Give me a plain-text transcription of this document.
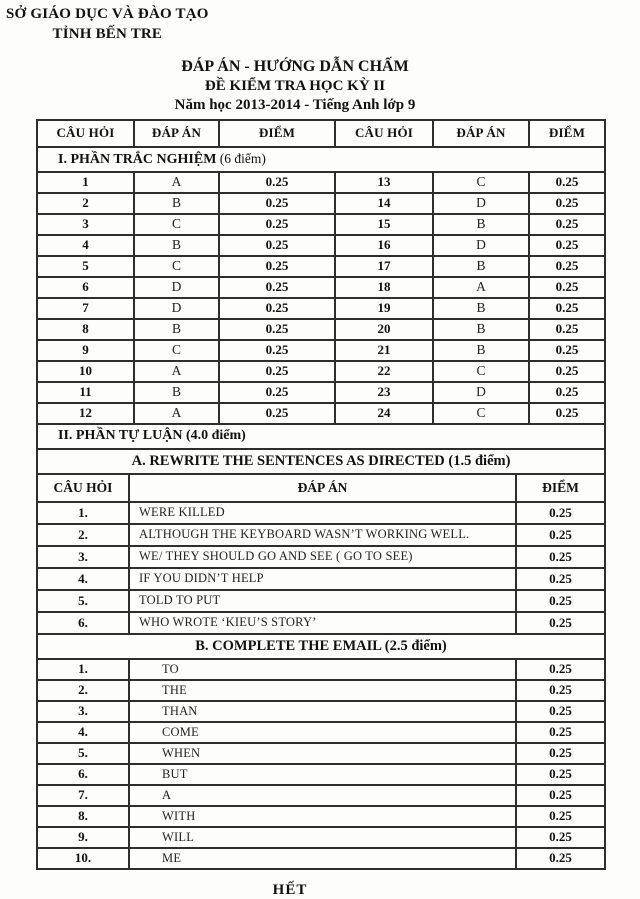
SỞ GIÁO DỤC VÀ ĐÀO TẠO
TỈNH BẾN TRE
ĐÁP ÁN - HƯỚNG DẪN CHẤM
ĐỀ KIỂM TRA HỌC KỲ II
Năm học 2013-2014 - Tiếng Anh lớp 9
CÂU HỎI	ĐÁP ÁN	ĐIỂM	CÂU HỎI	ĐÁP ÁN	ĐIỂM
I. PHẦN TRẮC NGHIỆM (6 điểm)					
1	A	0.25	13	C	0.25
2	B	0.25	14	D	0.25
3	C	0.25	15	B	0.25
4	B	0.25	16	D	0.25
5	C	0.25	17	B	0.25
6	D	0.25	18	A	0.25
7	D	0.25	19	B	0.25
8	B	0.25	20	B	0.25
9	C	0.25	21	B	0.25
10	A	0.25	22	C	0.25
11	B	0.25	23	D	0.25
12	A	0.25	24	C	0.25
II. PHẦN TỰ LUẬN (4.0 điểm)		
A. REWRITE THE SENTENCES AS DIRECTED (1.5 điểm)		
CÂU HỎI	ĐÁP ÁN	ĐIỂM
1.	WERE KILLED	0.25
2.	ALTHOUGH THE KEYBOARD WASN’T WORKING WELL.	0.25
3.	WE/ THEY SHOULD GO AND SEE ( GO TO SEE)	0.25
4.	IF YOU DIDN’T HELP	0.25
5.	TOLD TO PUT	0.25
6.	WHO WROTE ‘KIEU’S STORY’	0.25
B. COMPLETE THE EMAIL (2.5 điểm)		
1.	TO	0.25
2.	THE	0.25
3.	THAN	0.25
4.	COME	0.25
5.	WHEN	0.25
6.	BUT	0.25
7.	A	0.25
8.	WITH	0.25
9.	WILL	0.25
10.	ME	0.25
HẾT
